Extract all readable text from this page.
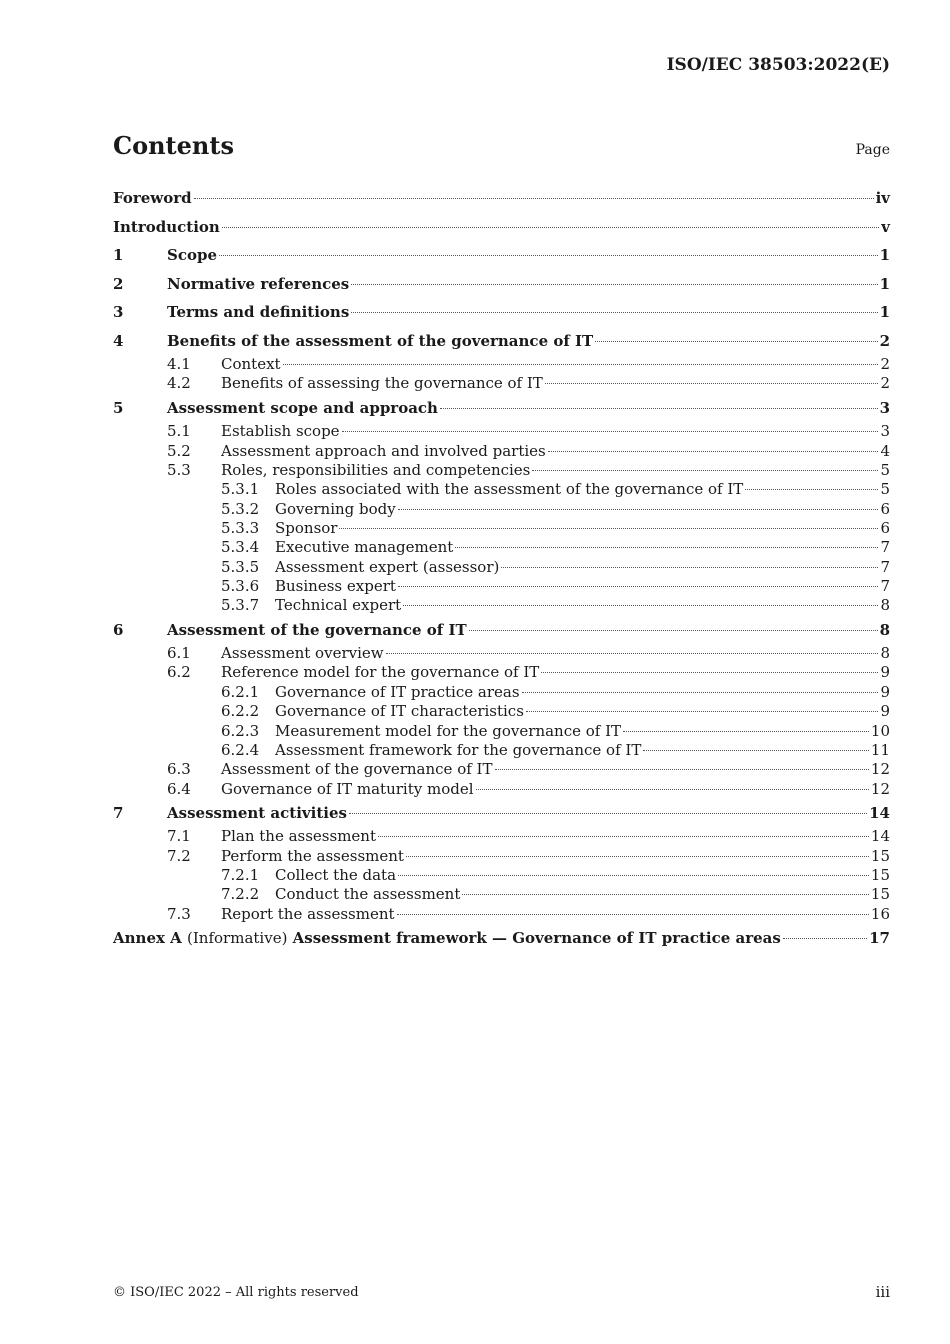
ISO/IEC 38503:2022(E)
Contents	Page
Foreword	iv
Introduction	v
1	Scope	1
2	Normative references	1
3	Terms and definitions	1
4	Benefits of the assessment of the governance of IT	2
4.1	Context	2
4.2	Benefits of assessing the governance of IT	2
5	Assessment scope and approach	3
5.1	Establish scope	3
5.2	Assessment approach and involved parties	4
5.3	Roles, responsibilities and competencies	5
5.3.1	Roles associated with the assessment of the governance of IT	5
5.3.2	Governing body	6
5.3.3	Sponsor	6
5.3.4	Executive management	7
5.3.5	Assessment expert (assessor)	7
5.3.6	Business expert	7
5.3.7	Technical expert	8
6	Assessment of the governance of IT	8
6.1	Assessment overview	8
6.2	Reference model for the governance of IT	9
6.2.1	Governance of IT practice areas	9
6.2.2	Governance of IT characteristics	9
6.2.3	Measurement model for the governance of IT	10
6.2.4	Assessment framework for the governance of IT	11
6.3	Assessment of the governance of IT	12
6.4	Governance of IT maturity model	12
7	Assessment activities	14
7.1	Plan the assessment	14
7.2	Perform the assessment	15
7.2.1	Collect the data	15
7.2.2	Conduct the assessment	15
7.3	Report the assessment	16
Annex A (Informative) Assessment framework — Governance of IT practice areas	17
© ISO/IEC 2022 – All rights reserved	iii
